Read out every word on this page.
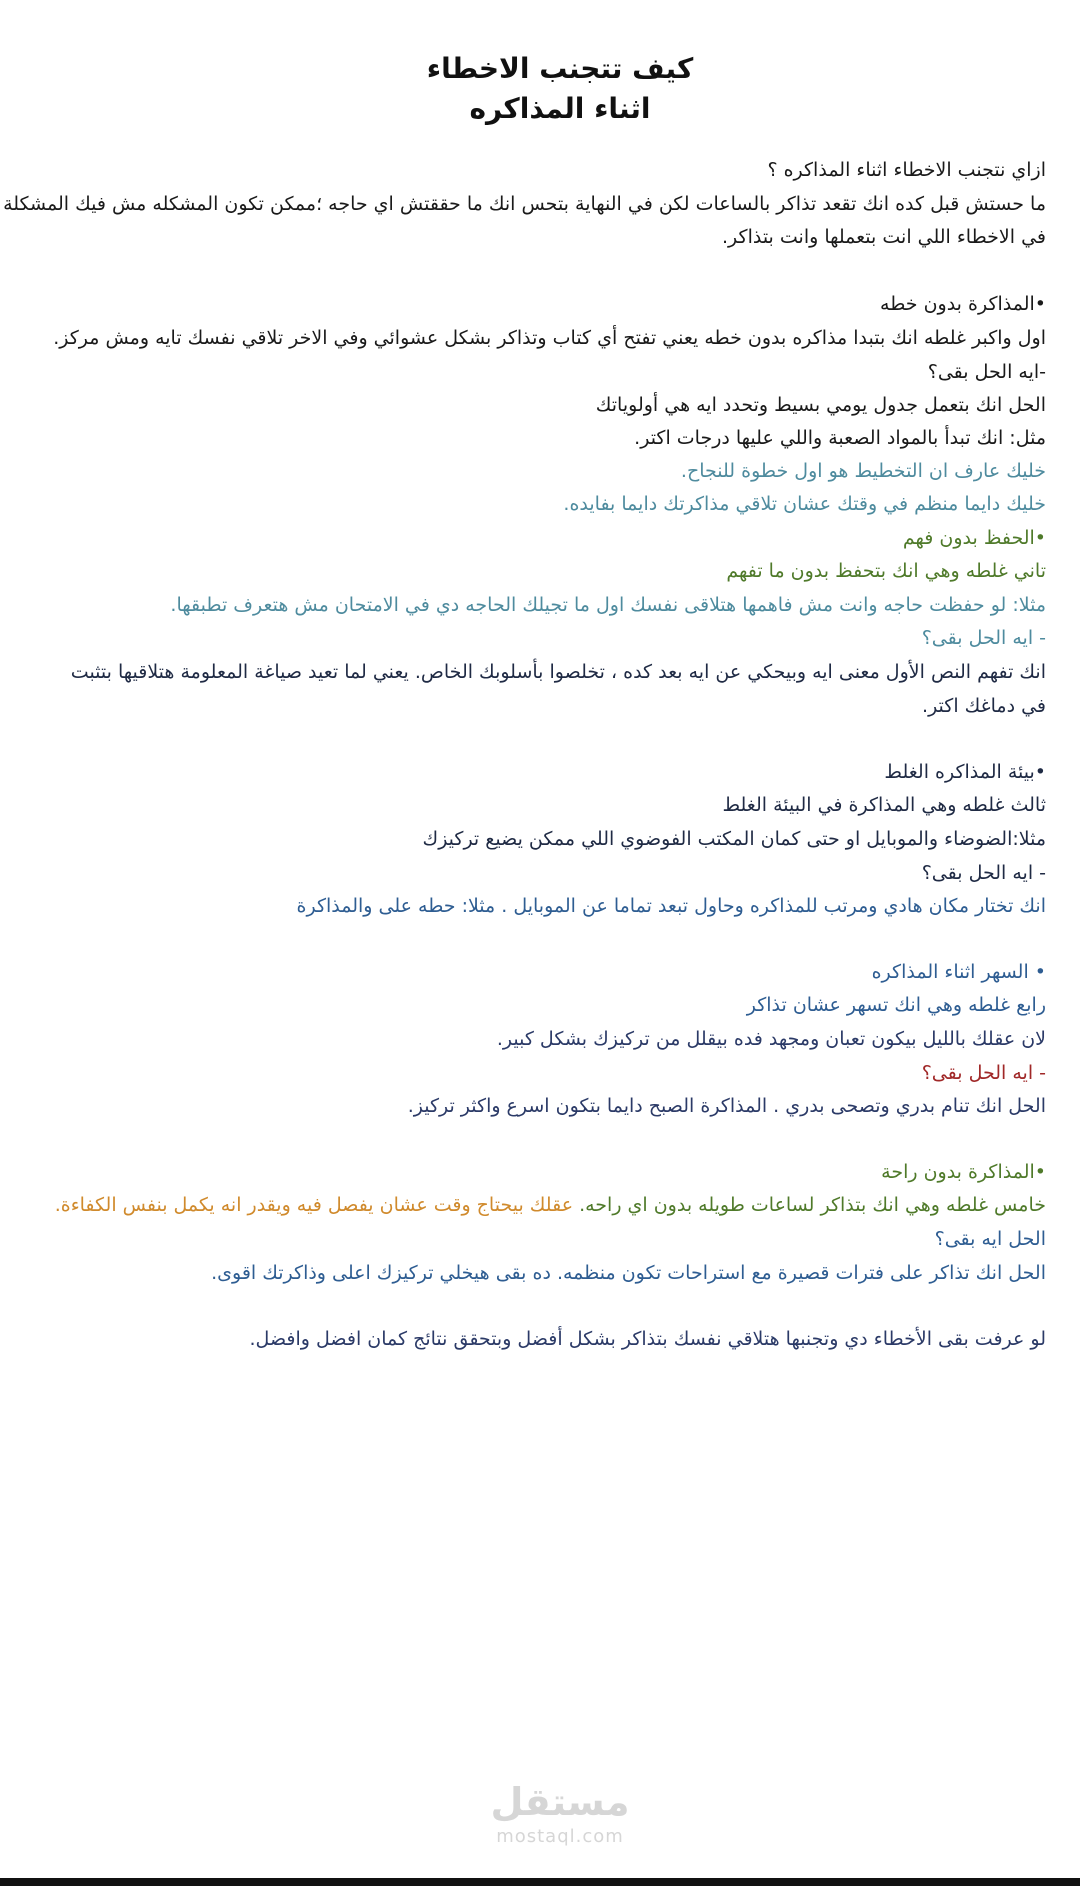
كيف تتجنب الاخطاء
اثناء المذاكره
ازاي نتجنب الاخطاء اثناء المذاكره ؟
ما حستش قبل كده انك تقعد تذاكر بالساعات لكن في النهاية بتحس انك ما حققتش اي حاجه ؛ممكن تكون المشكله مش فيك المشكلة
في الاخطاء اللي انت بتعملها وانت بتذاكر.
•المذاكرة بدون خطه
اول واكبر غلطه انك بتبدا مذاكره بدون خطه يعني تفتح أي كتاب وتذاكر بشكل عشوائي وفي الاخر تلاقي نفسك تايه ومش مركز.
-ايه الحل بقى؟
الحل انك بتعمل جدول يومي بسيط وتحدد ايه هي أولوياتك
مثل: انك تبدأ بالمواد الصعبة واللي عليها درجات اكتر.
خليك عارف ان التخطيط هو اول خطوة للنجاح.
خليك دايما منظم في وقتك عشان تلاقي مذاكرتك دايما بفايده.
•الحفظ بدون فهم
تاني غلطه وهي انك بتحفظ بدون ما تفهم
مثلا: لو حفظت حاجه وانت مش فاهمها هتلاقى نفسك اول ما تجيلك الحاجه دي في الامتحان مش هتعرف تطبقها.
- ايه الحل بقى؟
انك تفهم النص الأول معنى ايه وبيحكي عن ايه بعد كده ، تخلصوا بأسلوبك الخاص. يعني لما تعيد صياغة المعلومة هتلاقيها بتثبت
في دماغك اكتر.
•بيئة المذاكره الغلط
ثالث غلطه وهي المذاكرة في البيئة الغلط
مثلا:الضوضاء والموبايل او حتى كمان المكتب الفوضوي اللي ممكن يضيع تركيزك
- ايه الحل بقى؟
انك تختار مكان هادي ومرتب للمذاكره وحاول تبعد تماما عن الموبايل . مثلا: حطه على والمذاكرة
• السهر اثناء المذاكره
رابع غلطه وهي انك تسهر عشان تذاكر
لان عقلك بالليل بيكون تعبان ومجهد فده بيقلل من تركيزك بشكل كبير.
- ايه الحل بقى؟
الحل انك تنام بدري وتصحى بدري . المذاكرة الصبح دايما بتكون اسرع واكثر تركيز.
•المذاكرة بدون راحة
خامس غلطه وهي انك بتذاكر لساعات طويله بدون اي راحه. عقلك بيحتاج وقت عشان يفصل فيه ويقدر انه يكمل بنفس الكفاءة.
الحل ايه بقى؟
الحل انك تذاكر على فترات قصيرة مع استراحات تكون منظمه. ده بقى هيخلي تركيزك اعلى وذاكرتك اقوى.
لو عرفت بقى الأخطاء دي وتجنبها هتلاقي نفسك بتذاكر بشكل أفضل وبتحقق نتائج كمان افضل وافضل.
مستقل
mostaql.com
